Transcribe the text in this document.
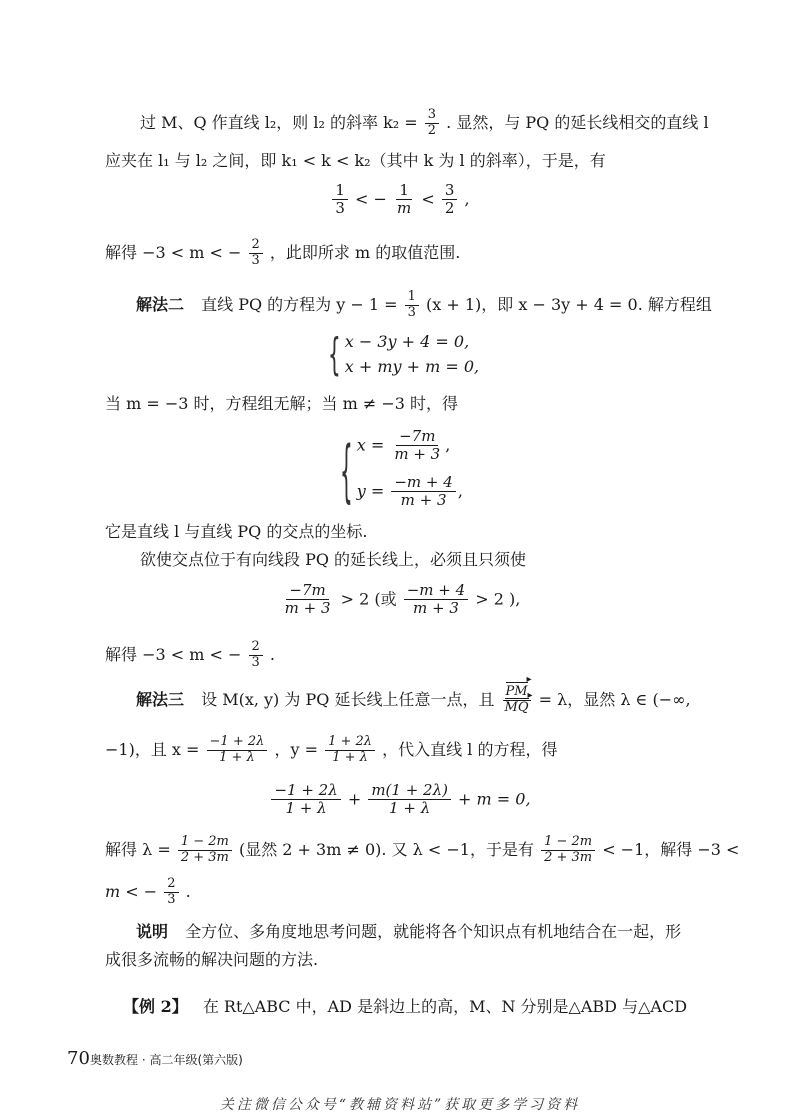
过 M、Q 作直线 l₂，则 l₂ 的斜率 $k_2 = \frac{3}{2}$ . 显然，与 PQ 的延长线相交的直线 l
应夹在 l₁ 与 l₂ 之间，即 k₁ < k < k₂（其中 k 为 l 的斜率），于是，有
$\frac{1}{3}$ < − $\frac{1}{m} < \frac{3}{2}$ ,
解得 −3 < m < − $\frac{2}{3}$ ，此即所求 m 的取值范围.
解法二 直线 PQ 的方程为 $y - 1 = \frac{1}{3} (x + 1)$，即 x − 3y + 4 = 0. 解方程组
{ x − 3y + 4 = 0,
x + my + m = 0,
当 m = −3 时，方程组无解；当 m ≠ −3 时，得
{ $x = \frac{-7m}{m + 3}$ ,
$y = \frac{-m + 4}{m + 3}$ ,
它是直线 l 与直线 PQ 的交点的坐标.
欲使交点位于有向线段 PQ 的延长线上，必须且只须使
$\frac{-7m}{m + 3} > 2$ (或 $\frac{-m + 4}{m + 3} > 2$ ),
解得 −3 < m < − $\frac{2}{3}$ .
解法三 设 M(x, y) 为 PQ 延长线上任意一点，且 $\frac{PM ▸}{MQ}$ ▸ = λ，显然 λ ∈ (−∞,
−1)，且 $x = \frac{-1 + 2\lambda}{1 + \lambda}$ ，$y = \frac{1 + 2\lambda}{1 + \lambda}$ ，代入直线 l 的方程，得
$\frac{-1 + 2\lambda}{1 + \lambda} + \frac{m(1 + 2\lambda)}{1 + \lambda} + m = 0$,
解得 $\lambda = \frac{1 - 2m}{2 + 3m}$ (显然 2 + 3m ≠ 0). 又 λ < −1，于是有 $\frac{1 - 2m}{2 + 3m} < -1$，解得 −3 <
m < − $\frac{2}{3}$ .
说明 全方位、多角度地思考问题，就能将各个知识点有机地结合在一起，形
成很多流畅的解决问题的方法.
【例 2】 在 Rt△ABC 中，AD 是斜边上的高，M、N 分别是△ABD 与△ACD
70 奥数教程 · 高二年级(第六版)
关注微信公众号“教辅资料站”获取更多学习资料
